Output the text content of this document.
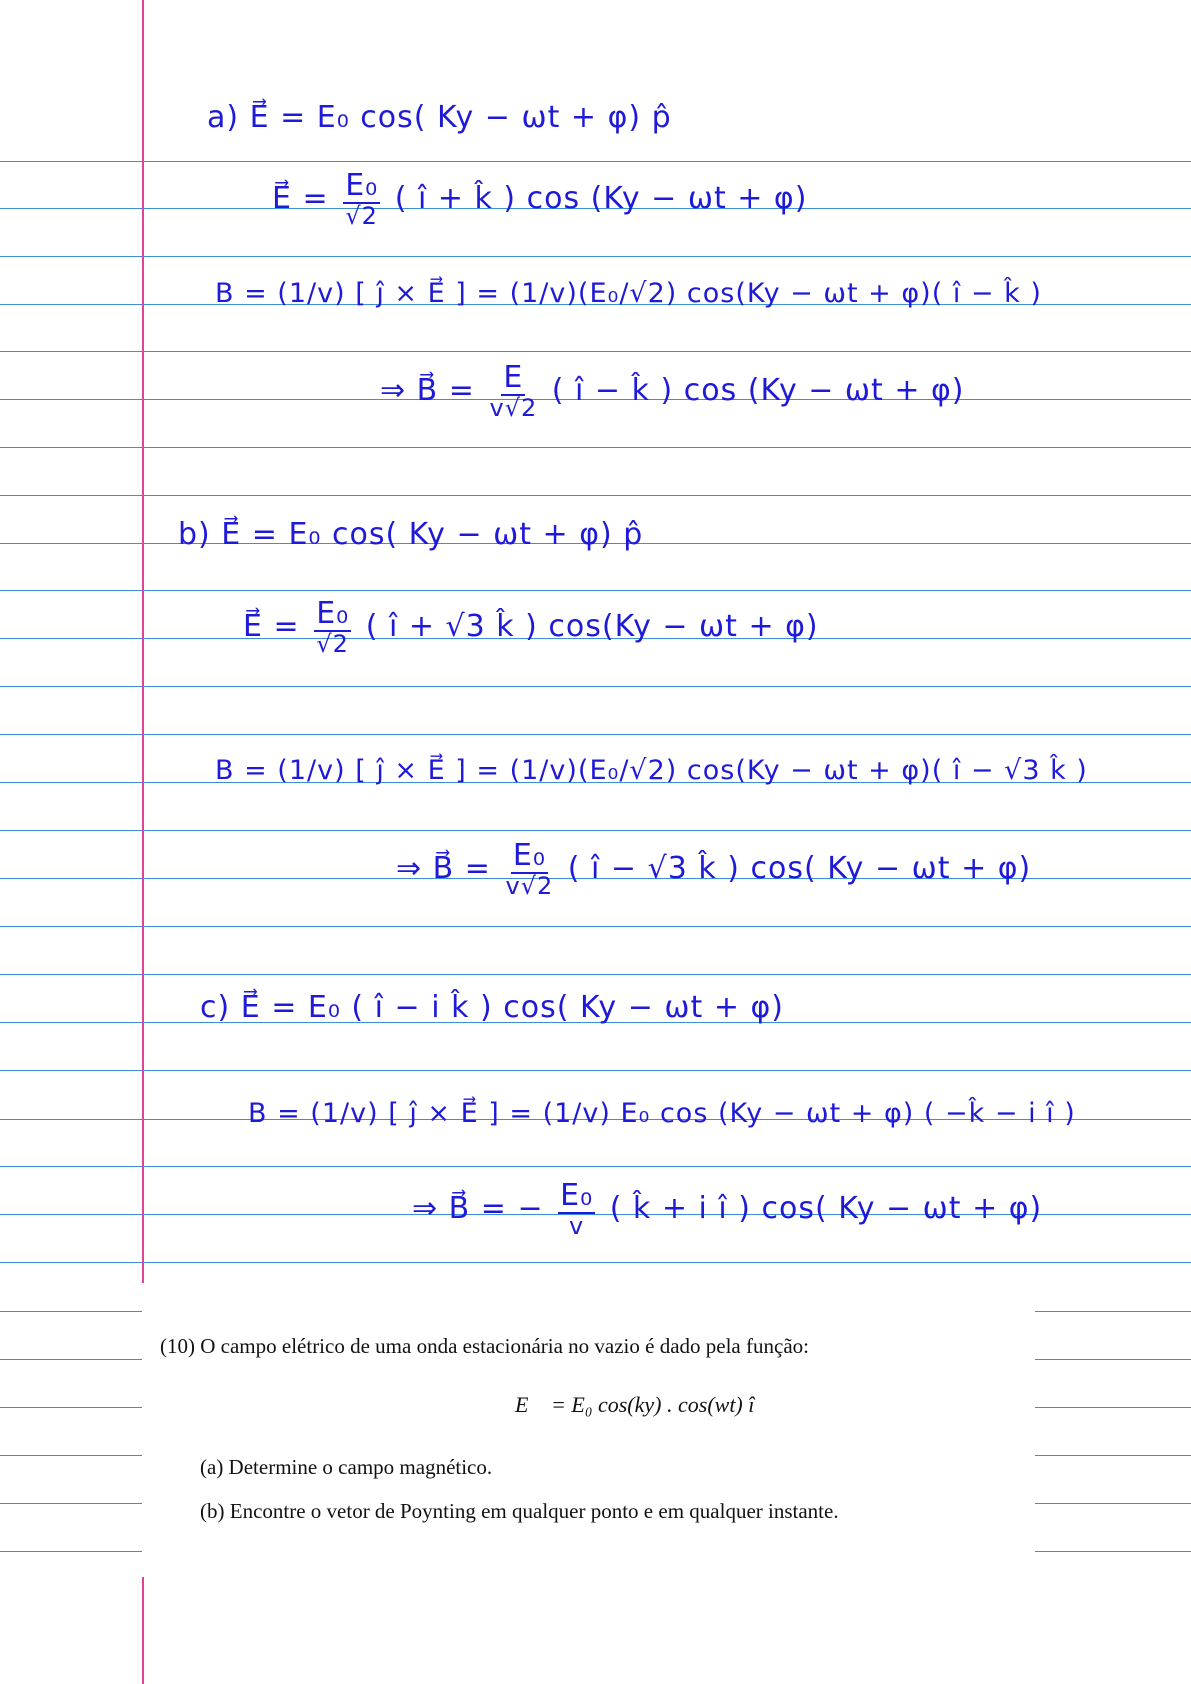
a) E⃗ = E₀ cos( Ky − ωt + φ) p̂
E⃗ = $\frac{\text{E₀}}{√2}$ ( î + k̂ ) cos (Ky − ωt + φ)
B = (1/v) [ ĵ × E⃗ ] = (1/v)(E₀/√2) cos(Ky − ωt + φ)( î − k̂ )
⇒ B⃗ = $\frac{E}{v√2}$ ( î − k̂ ) cos (Ky − ωt + φ)
b) E⃗ = E₀ cos( Ky − ωt + φ) p̂
E⃗ = $\frac{\text{E₀}}{√2}$ ( î + √3 k̂ ) cos(Ky − ωt + φ)
B = (1/v) [ ĵ × E⃗ ] = (1/v)(E₀/√2) cos(Ky − ωt + φ)( î − √3 k̂ )
⇒ B⃗ = $\frac{\text{E₀}}{v√2}$ ( î − √3 k̂ ) cos( Ky − ωt + φ)
c) E⃗ = E₀ ( î − i k̂ ) cos( Ky − ωt + φ)
B = (1/v) [ ĵ × E⃗ ] = (1/v) E₀ cos (Ky − ωt + φ) ( −k̂ − i î )
⇒ B⃗ = − $\frac{\text{E₀}}{v}$ ( k̂ + i î ) cos( Ky − ωt + φ)
(10) O campo elétrico de uma onda estacionária no vazio é dado pela função:
E⃗ = E₀ cos(ky) . cos(wt) î
(a) Determine o campo magnético.
(b) Encontre o vetor de Poynting em qualquer ponto e em qualquer instante.
